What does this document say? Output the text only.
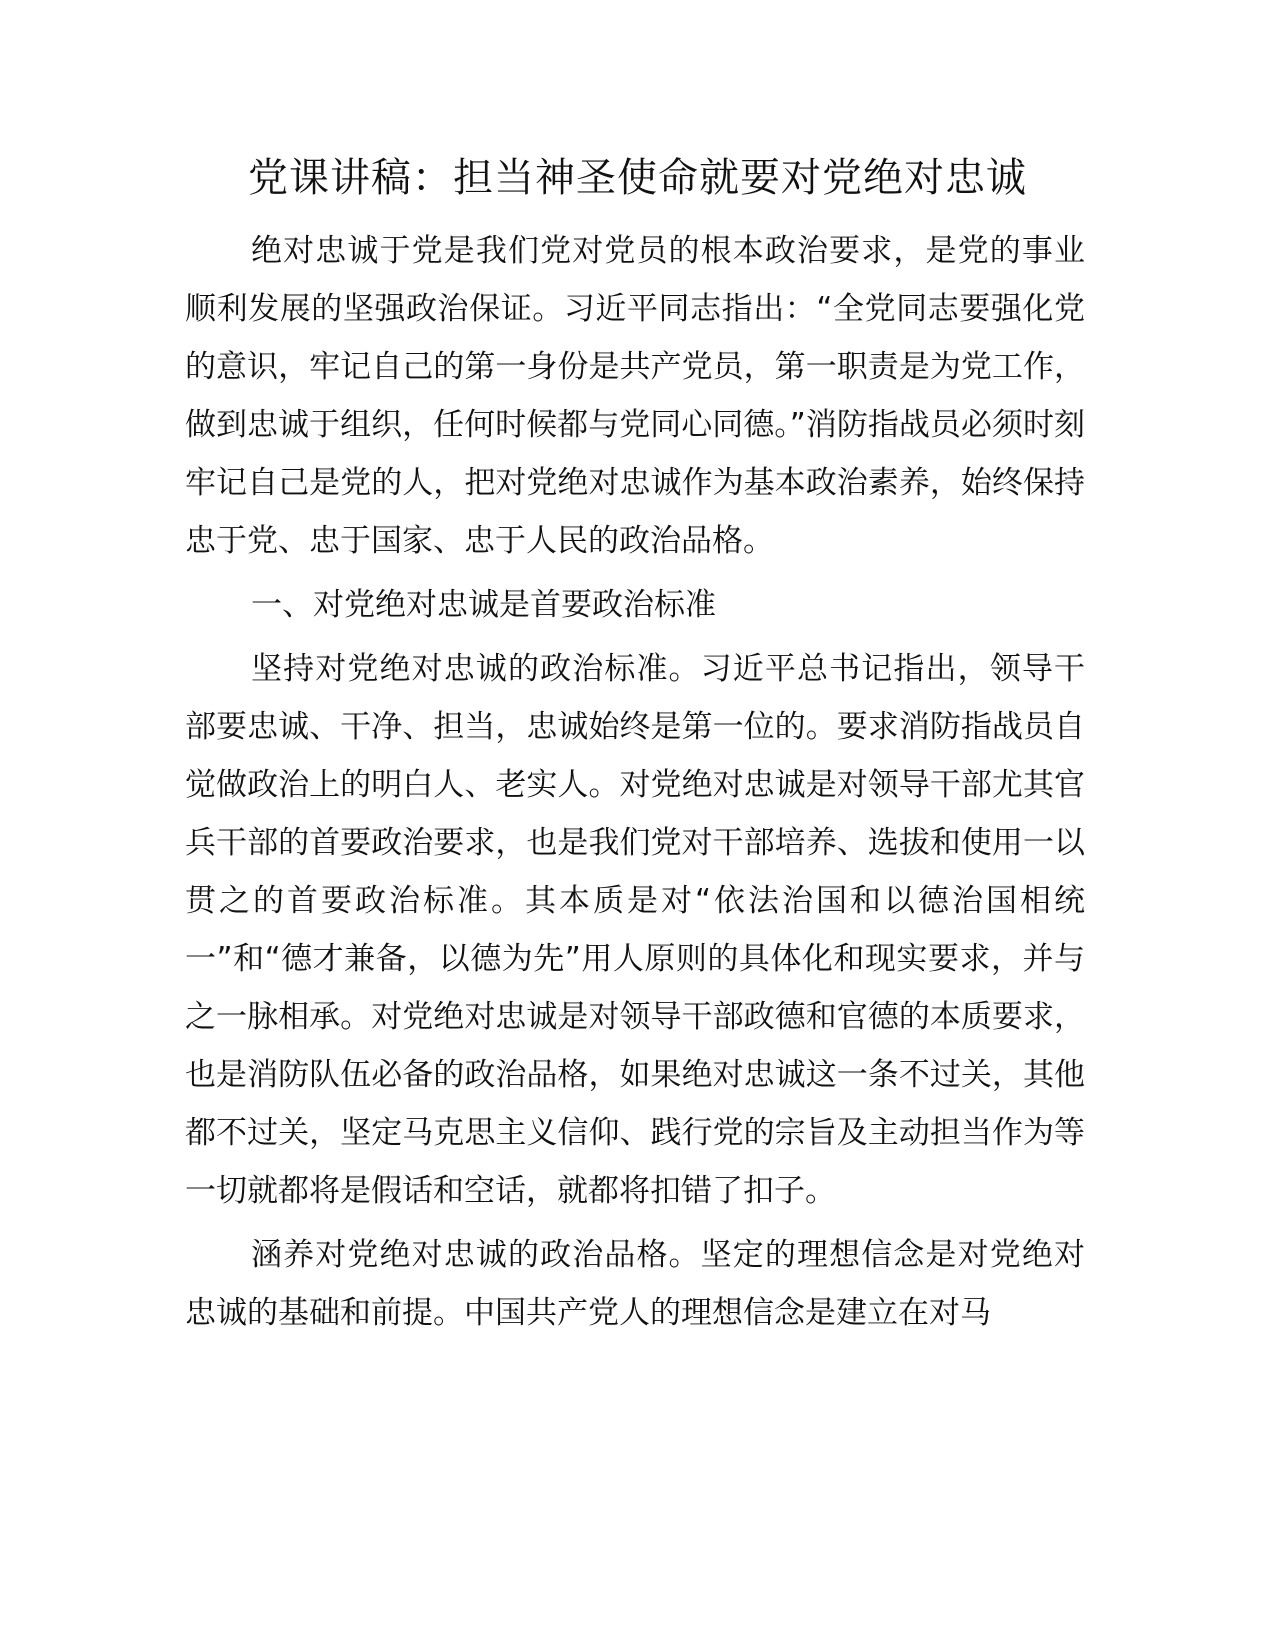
党课讲稿：担当神圣使命就要对党绝对忠诚

绝对忠诚于党是我们党对党员的根本政治要求，是党的事业顺利发展的坚强政治保证。习近平同志指出：“全党同志要强化党的意识，牢记自己的第一身份是共产党员，第一职责是为党工作，做到忠诚于组织，任何时候都与党同心同德。”消防指战员必须时刻牢记自己是党的人，把对党绝对忠诚作为基本政治素养，始终保持忠于党、忠于国家、忠于人民的政治品格。

一、对党绝对忠诚是首要政治标准

坚持对党绝对忠诚的政治标准。习近平总书记指出，领导干部要忠诚、干净、担当，忠诚始终是第一位的。要求消防指战员自觉做政治上的明白人、老实人。对党绝对忠诚是对领导干部尤其官兵干部的首要政治要求，也是我们党对干部培养、选拔和使用一以贯之的首要政治标准。其本质是对“依法治国和以德治国相统一”和“德才兼备，以德为先”用人原则的具体化和现实要求，并与之一脉相承。对党绝对忠诚是对领导干部政德和官德的本质要求，也是消防队伍必备的政治品格，如果绝对忠诚这一条不过关，其他都不过关，坚定马克思主义信仰、践行党的宗旨及主动担当作为等一切就都将是假话和空话，就都将扣错了扣子。

涵养对党绝对忠诚的政治品格。坚定的理想信念是对党绝对忠诚的基础和前提。中国共产党人的理想信念是建立在对马
